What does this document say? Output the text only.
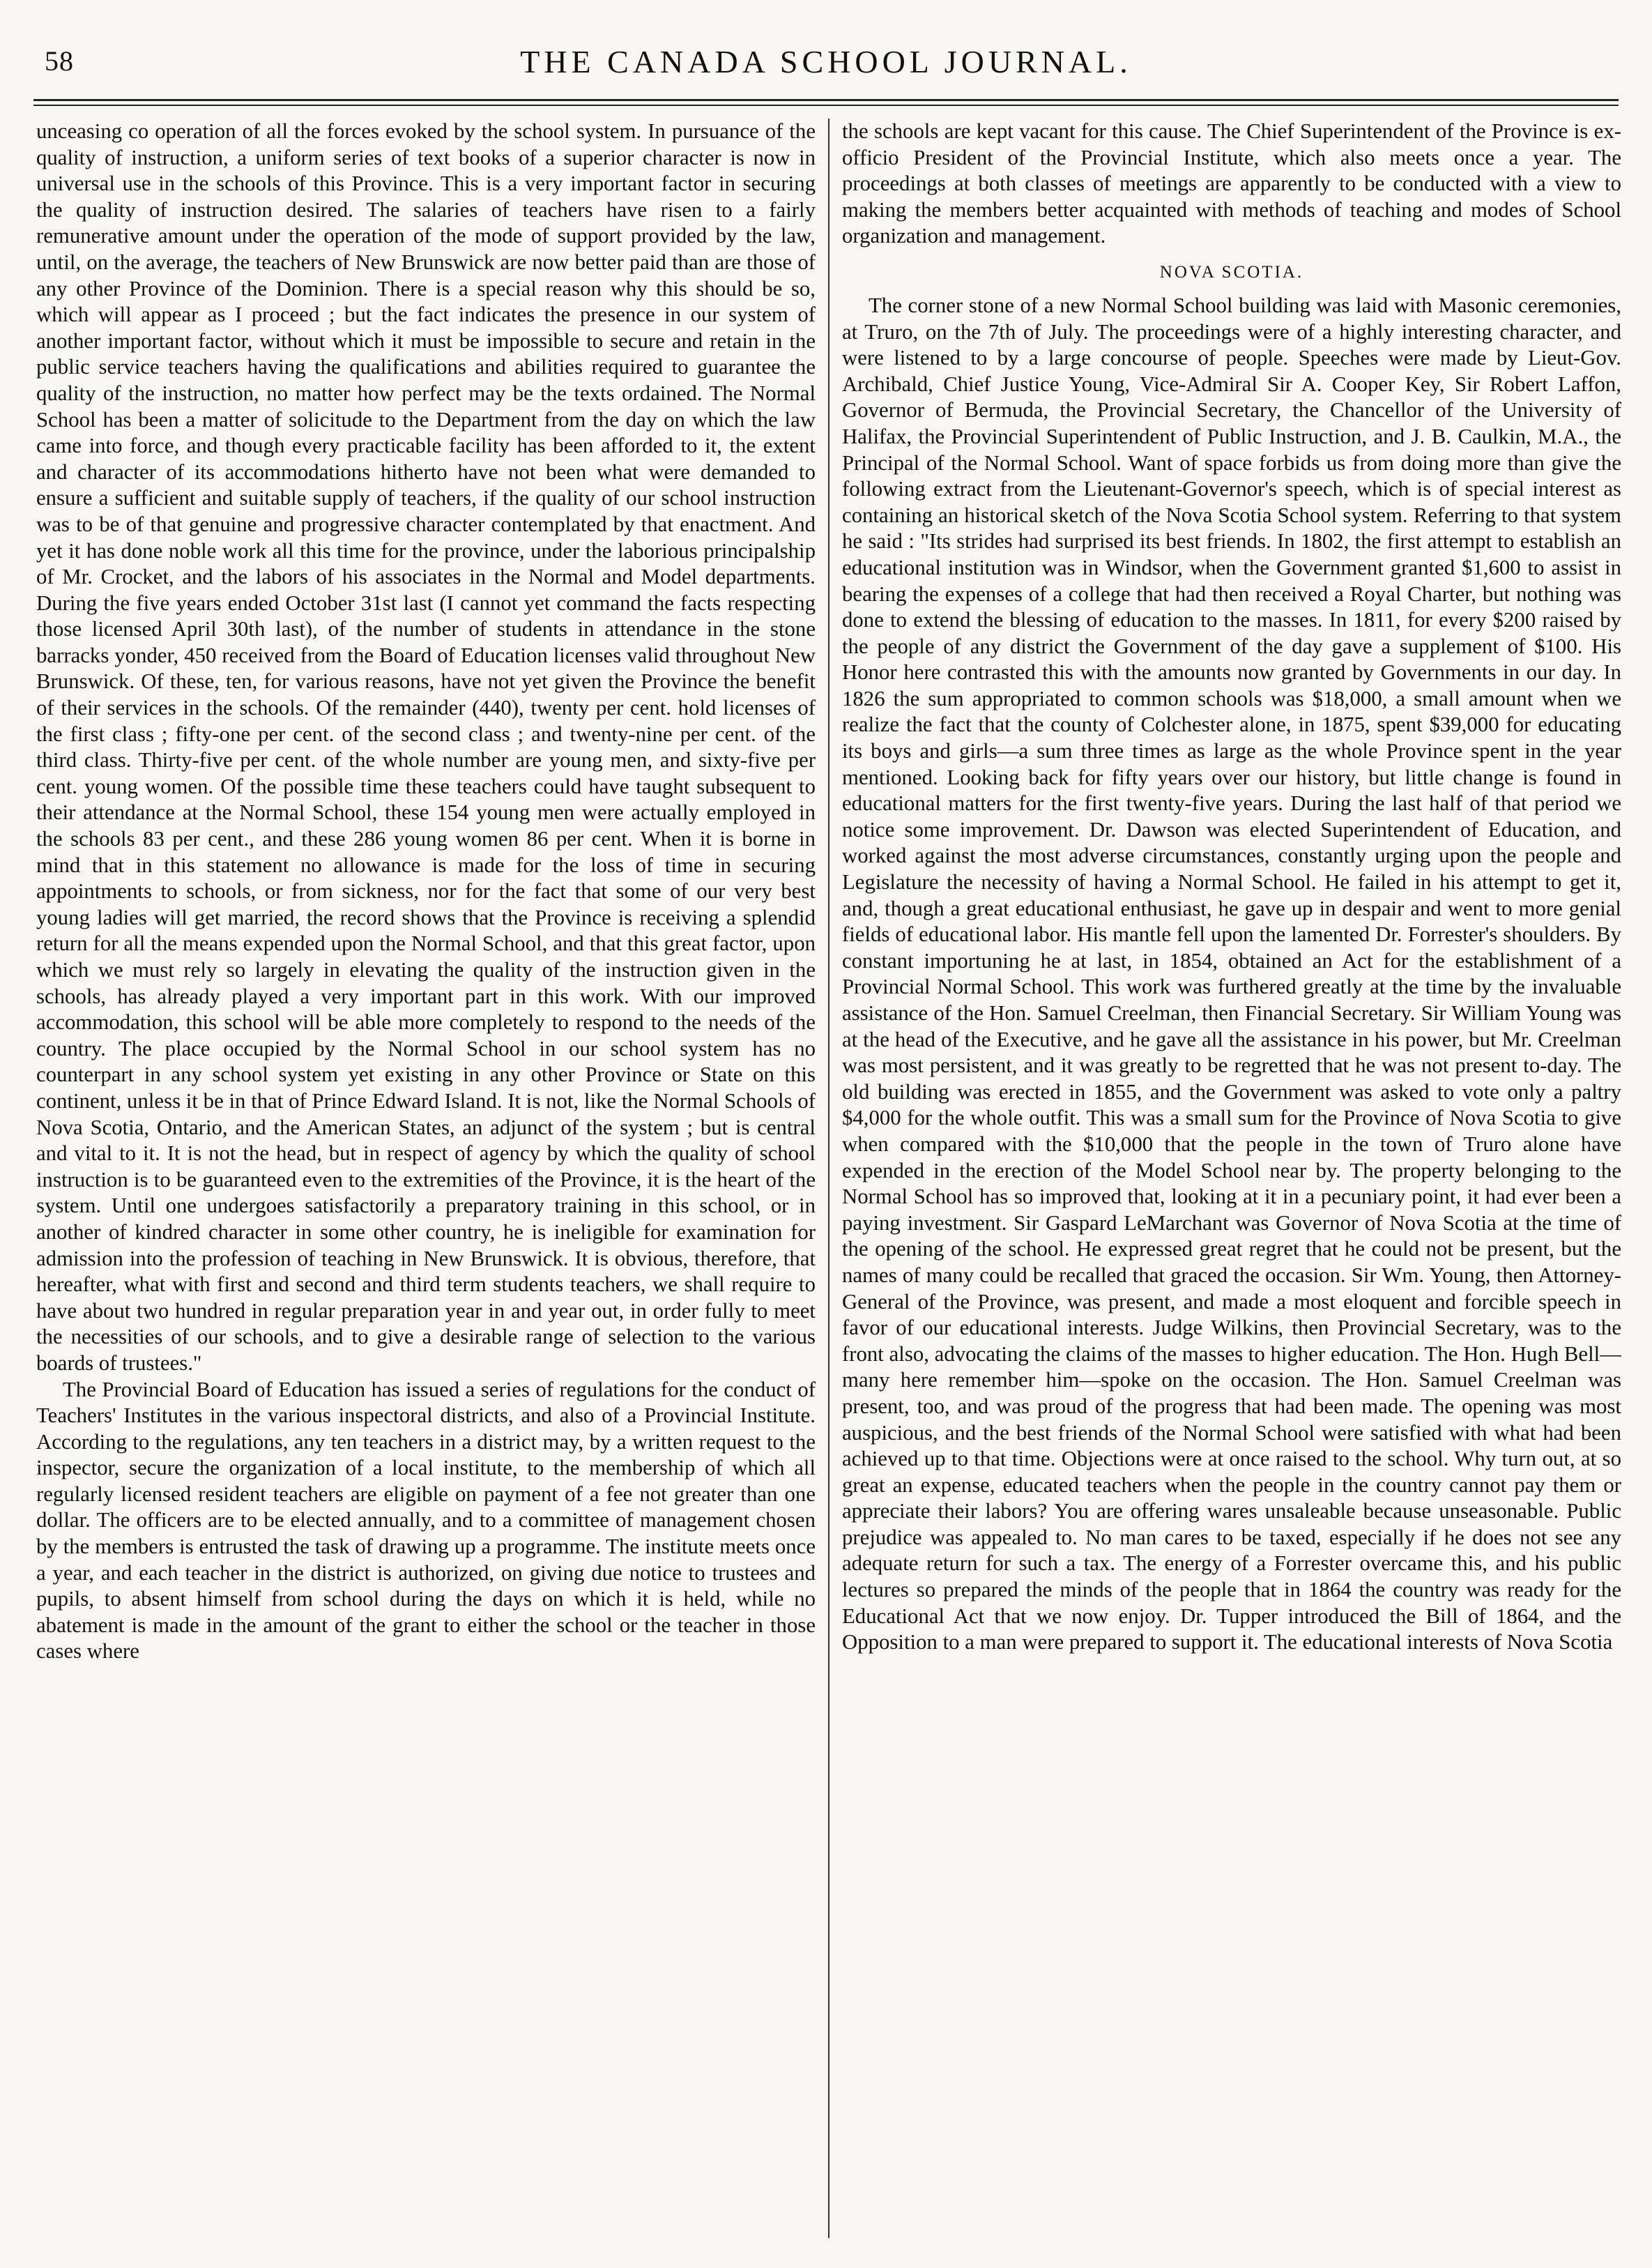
58	THE CANADA SCHOOL JOURNAL.

unceasing co operation of all the forces evoked by the school system. In pursuance of the quality of instruction, a uniform series of text books of a superior character is now in universal use in the schools of this Province. This is a very important factor in securing the quality of instruction desired. The salaries of teachers have risen to a fairly remunerative amount under the operation of the mode of support provided by the law, until, on the average, the teachers of New Brunswick are now better paid than are those of any other Province of the Dominion. There is a special reason why this should be so, which will appear as I proceed ; but the fact indicates the presence in our system of another important factor, without which it must be impossible to secure and retain in the public service teachers having the qualifications and abilities required to guarantee the quality of the instruction, no matter how perfect may be the texts ordained. The Normal School has been a matter of solicitude to the Department from the day on which the law came into force, and though every practicable facility has been afforded to it, the extent and character of its accommodations hitherto have not been what were demanded to ensure a sufficient and suitable supply of teachers, if the quality of our school instruction was to be of that genuine and progressive character contemplated by that enactment. And yet it has done noble work all this time for the province, under the laborious principalship of Mr. Crocket, and the labors of his associates in the Normal and Model departments. During the five years ended October 31st last (I cannot yet command the facts respecting those licensed April 30th last), of the number of students in attendance in the stone barracks yonder, 450 received from the Board of Education licenses valid throughout New Brunswick. Of these, ten, for various reasons, have not yet given the Province the benefit of their services in the schools. Of the remainder (440), twenty per cent. hold licenses of the first class ; fifty-one per cent. of the second class ; and twenty-nine per cent. of the third class. Thirty-five per cent. of the whole number are young men, and sixty-five per cent. young women. Of the possible time these teachers could have taught subsequent to their attendance at the Normal School, these 154 young men were actually employed in the schools 83 per cent., and these 286 young women 86 per cent. When it is borne in mind that in this statement no allowance is made for the loss of time in securing appointments to schools, or from sickness, nor for the fact that some of our very best young ladies will get married, the record shows that the Province is receiving a splendid return for all the means expended upon the Normal School, and that this great factor, upon which we must rely so largely in elevating the quality of the instruction given in the schools, has already played a very important part in this work. With our improved accommodation, this school will be able more completely to respond to the needs of the country. The place occupied by the Normal School in our school system has no counterpart in any school system yet existing in any other Province or State on this continent, unless it be in that of Prince Edward Island. It is not, like the Normal Schools of Nova Scotia, Ontario, and the American States, an adjunct of the system ; but is central and vital to it. It is not the head, but in respect of agency by which the quality of school instruction is to be guaranteed even to the extremities of the Province, it is the heart of the system. Until one undergoes satisfactorily a preparatory training in this school, or in another of kindred character in some other country, he is ineligible for examination for admission into the profession of teaching in New Brunswick. It is obvious, therefore, that hereafter, what with first and second and third term students teachers, we shall require to have about two hundred in regular preparation year in and year out, in order fully to meet the necessities of our schools, and to give a desirable range of selection to the various boards of trustees."

The Provincial Board of Education has issued a series of regulations for the conduct of Teachers' Institutes in the various inspectoral districts, and also of a Provincial Institute. According to the regulations, any ten teachers in a district may, by a written request to the inspector, secure the organization of a local institute, to the membership of which all regularly licensed resident teachers are eligible on payment of a fee not greater than one dollar. The officers are to be elected annually, and to a committee of management chosen by the members is entrusted the task of drawing up a programme. The institute meets once a year, and each teacher in the district is authorized, on giving due notice to trustees and pupils, to absent himself from school during the days on which it is held, while no abatement is made in the amount of the grant to either the school or the teacher in those cases where

the schools are kept vacant for this cause. The Chief Superintendent of the Province is ex-officio President of the Provincial Institute, which also meets once a year. The proceedings at both classes of meetings are apparently to be conducted with a view to making the members better acquainted with methods of teaching and modes of School organization and management.

NOVA SCOTIA.

The corner stone of a new Normal School building was laid with Masonic ceremonies, at Truro, on the 7th of July. The proceedings were of a highly interesting character, and were listened to by a large concourse of people. Speeches were made by Lieut-Gov. Archibald, Chief Justice Young, Vice-Admiral Sir A. Cooper Key, Sir Robert Laffon, Governor of Bermuda, the Provincial Secretary, the Chancellor of the University of Halifax, the Provincial Superintendent of Public Instruction, and J. B. Caulkin, M.A., the Principal of the Normal School. Want of space forbids us from doing more than give the following extract from the Lieutenant-Governor's speech, which is of special interest as containing an historical sketch of the Nova Scotia School system. Referring to that system he said : "Its strides had surprised its best friends. In 1802, the first attempt to establish an educational institution was in Windsor, when the Government granted $1,600 to assist in bearing the expenses of a college that had then received a Royal Charter, but nothing was done to extend the blessing of education to the masses. In 1811, for every $200 raised by the people of any district the Government of the day gave a supplement of $100. His Honor here contrasted this with the amounts now granted by Governments in our day. In 1826 the sum appropriated to common schools was $18,000, a small amount when we realize the fact that the county of Colchester alone, in 1875, spent $39,000 for educating its boys and girls—a sum three times as large as the whole Province spent in the year mentioned. Looking back for fifty years over our history, but little change is found in educational matters for the first twenty-five years. During the last half of that period we notice some improvement. Dr. Dawson was elected Superintendent of Education, and worked against the most adverse circumstances, constantly urging upon the people and Legislature the necessity of having a Normal School. He failed in his attempt to get it, and, though a great educational enthusiast, he gave up in despair and went to more genial fields of educational labor. His mantle fell upon the lamented Dr. Forrester's shoulders. By constant importuning he at last, in 1854, obtained an Act for the establishment of a Provincial Normal School. This work was furthered greatly at the time by the invaluable assistance of the Hon. Samuel Creelman, then Financial Secretary. Sir William Young was at the head of the Executive, and he gave all the assistance in his power, but Mr. Creelman was most persistent, and it was greatly to be regretted that he was not present to-day. The old building was erected in 1855, and the Government was asked to vote only a paltry $4,000 for the whole outfit. This was a small sum for the Province of Nova Scotia to give when compared with the $10,000 that the people in the town of Truro alone have expended in the erection of the Model School near by. The property belonging to the Normal School has so improved that, looking at it in a pecuniary point, it had ever been a paying investment. Sir Gaspard LeMarchant was Governor of Nova Scotia at the time of the opening of the school. He expressed great regret that he could not be present, but the names of many could be recalled that graced the occasion. Sir Wm. Young, then Attorney-General of the Province, was present, and made a most eloquent and forcible speech in favor of our educational interests. Judge Wilkins, then Provincial Secretary, was to the front also, advocating the claims of the masses to higher education. The Hon. Hugh Bell—many here remember him—spoke on the occasion. The Hon. Samuel Creelman was present, too, and was proud of the progress that had been made. The opening was most auspicious, and the best friends of the Normal School were satisfied with what had been achieved up to that time. Objections were at once raised to the school. Why turn out, at so great an expense, educated teachers when the people in the country cannot pay them or appreciate their labors? You are offering wares unsaleable because unseasonable. Public prejudice was appealed to. No man cares to be taxed, especially if he does not see any adequate return for such a tax. The energy of a Forrester overcame this, and his public lectures so prepared the minds of the people that in 1864 the country was ready for the Educational Act that we now enjoy. Dr. Tupper introduced the Bill of 1864, and the Opposition to a man were prepared to support it. The educational interests of Nova Scotia
